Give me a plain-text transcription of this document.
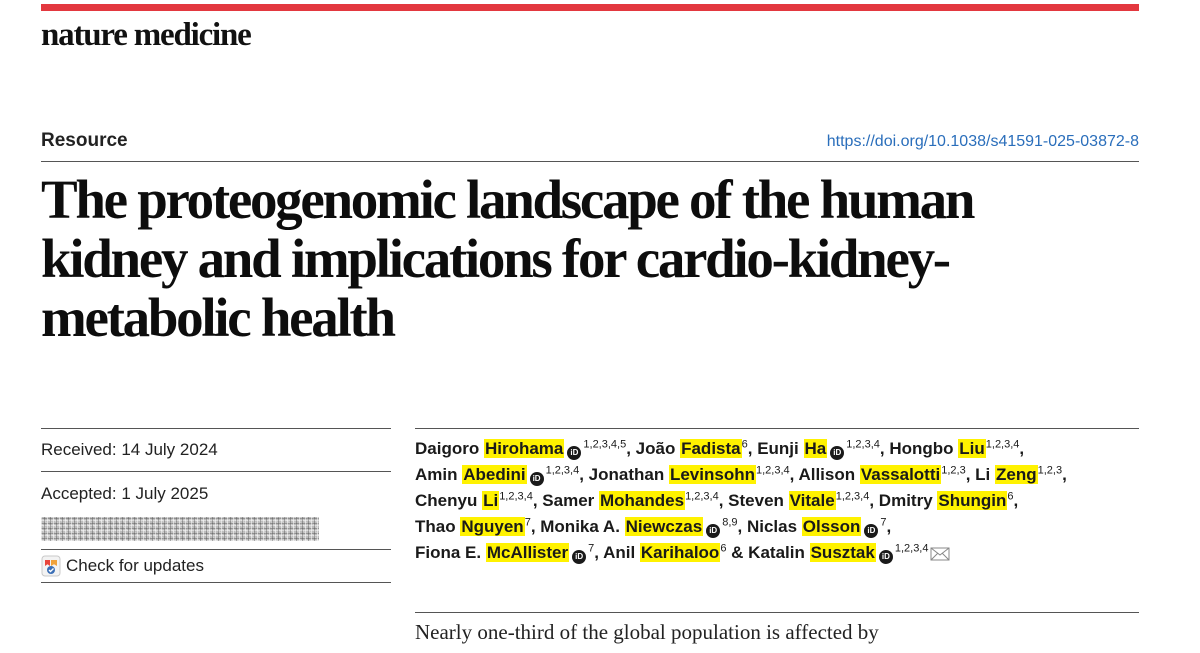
nature medicine
Resource	https://doi.org/10.1038/s41591-025-03872-8
The proteogenomic landscape of the human kidney and implications for cardio-kidney-metabolic health
Received: 14 July 2024
Accepted: 1 July 2025
Check for updates
Daigoro Hirohama iD$^{1,2,3,4,5}$, João Fadista$^6$, Eunji Ha iD$^{1,2,3,4}$, Hongbo Liu$^{1,2,3,4}$,
Amin Abedini iD$^{1,2,3,4}$, Jonathan Levinsohn$^{1,2,3,4}$, Allison Vassalotti$^{1,2,3}$, Li Zeng$^{1,2,3}$,
Chenyu Li$^{1,2,3,4}$, Samer Mohandes$^{1,2,3,4}$, Steven Vitale$^{1,2,3,4}$, Dmitry Shungin$^6$,
Thao Nguyen$^7$, Monika A. Niewczas iD$^{8,9}$, Niclas Olsson iD$^7$,
Fiona E. McAllister iD$^7$, Anil Karihaloo$^6$ & Katalin Susztak iD$^{1,2,3,4}$

Nearly one-third of the global population is affected by
